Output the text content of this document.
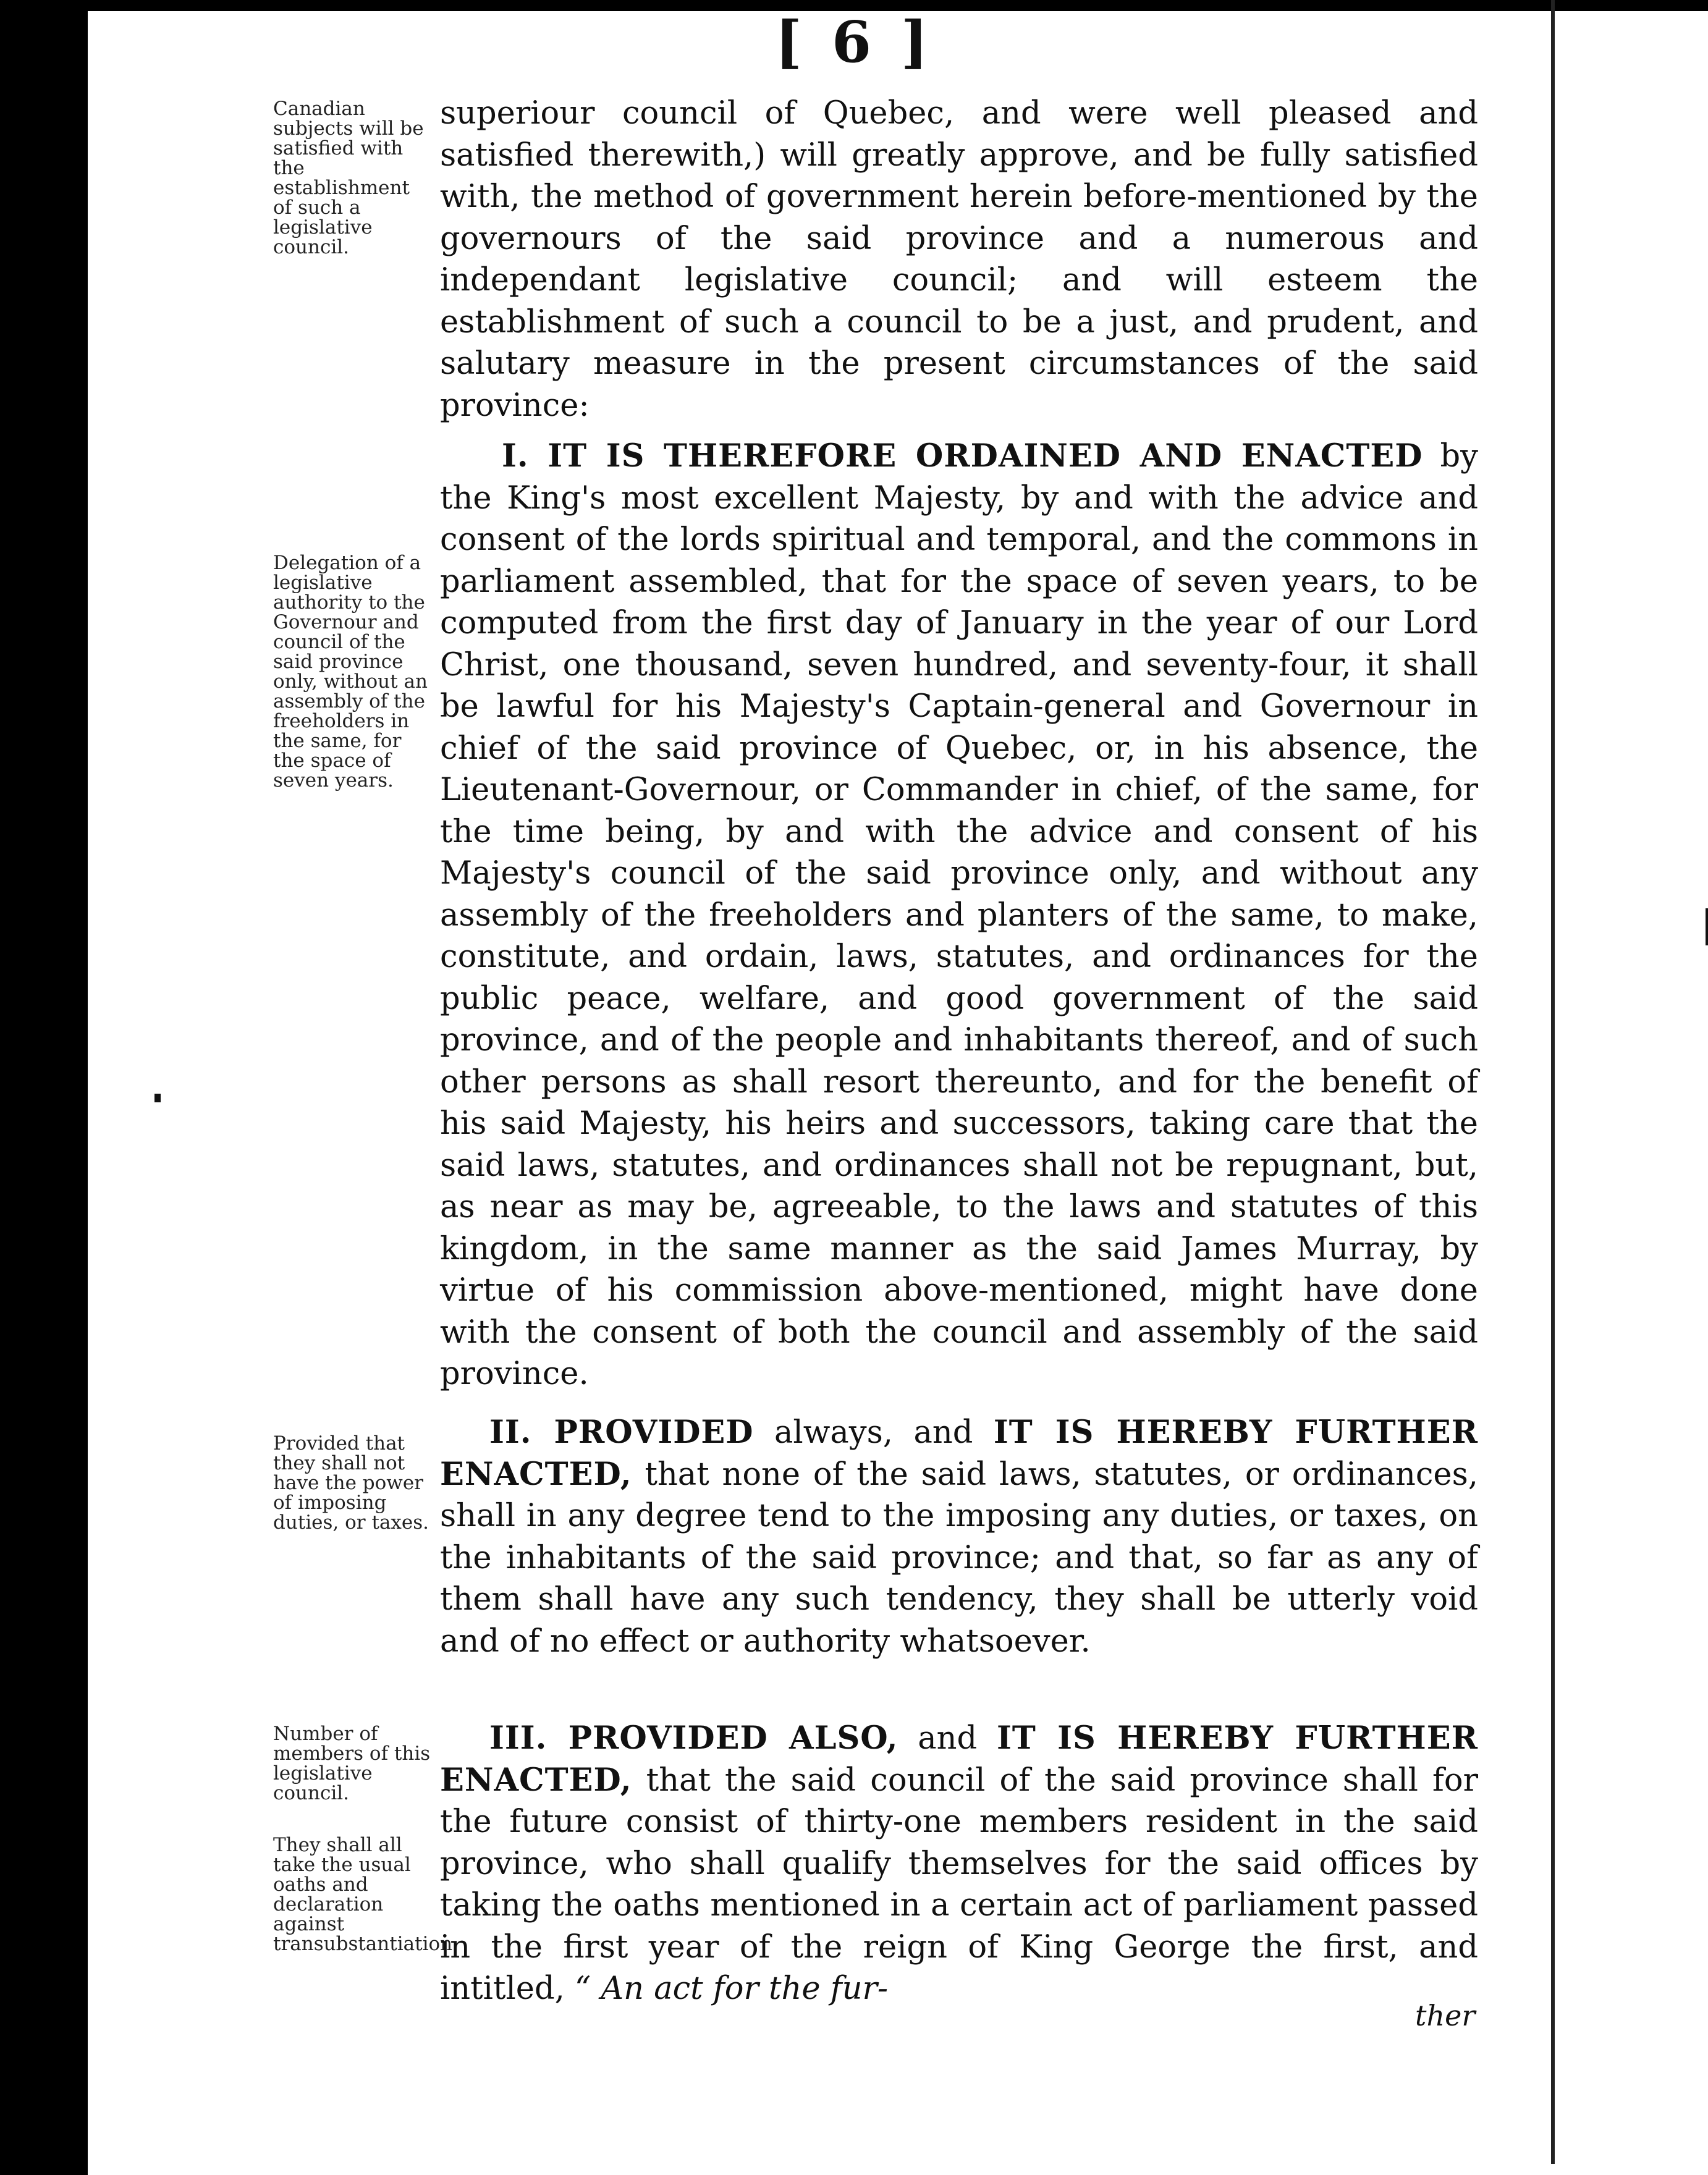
[ 6 ]
Canadian subjects will be satisfied with the establishment of such a legislative council.
Delegation of a legislative authority to the Governour and council of the said province only, without an assembly of the freeholders in the same, for the space of seven years.
Provided that they shall not have the power of imposing duties, or taxes.
Number of members of this legislative council.
They shall all take the usual oaths and declaration against transubstantiation.

superiour council of Quebec, and were well pleased and satisfied therewith,) will greatly approve, and be fully satisfied with, the method of government herein before-mentioned by the governours of the said province and a numerous and independant legislative council; and will esteem the establishment of such a council to be a just, and prudent, and salutary measure in the present circumstances of the said province:

I. IT IS THEREFORE ORDAINED AND ENACTED by the King's most excellent Majesty, by and with the advice and consent of the lords spiritual and temporal, and the commons in parliament assembled, that for the space of seven years, to be computed from the first day of January in the year of our Lord Christ, one thousand, seven hundred, and seventy-four, it shall be lawful for his Majesty's Captain-general and Governour in chief of the said province of Quebec, or, in his absence, the Lieutenant-Governour, or Commander in chief, of the same, for the time being, by and with the advice and consent of his Majesty's council of the said province only, and without any assembly of the freeholders and planters of the same, to make, constitute, and ordain, laws, statutes, and ordinances for the public peace, welfare, and good government of the said province, and of the people and inhabitants thereof, and of such other persons as shall resort thereunto, and for the benefit of his said Majesty, his heirs and successors, taking care that the said laws, statutes, and ordinances shall not be repugnant, but, as near as may be, agreeable, to the laws and statutes of this kingdom, in the same manner as the said James Murray, by virtue of his commission above-mentioned, might have done with the consent of both the council and assembly of the said province.

II. PROVIDED always, and IT IS HEREBY FURTHER ENACTED, that none of the said laws, statutes, or ordinances, shall in any degree tend to the imposing any duties, or taxes, on the inhabitants of the said province; and that, so far as any of them shall have any such tendency, they shall be utterly void and of no effect or authority whatsoever.

III. PROVIDED ALSO, and IT IS HEREBY FURTHER ENACTED, that the said council of the said province shall for the future consist of thirty-one members resident in the said province, who shall qualify themselves for the said offices by taking the oaths mentioned in a certain act of parliament passed in the first year of the reign of King George the first, and intitled, “ An act for the fur-

ther
